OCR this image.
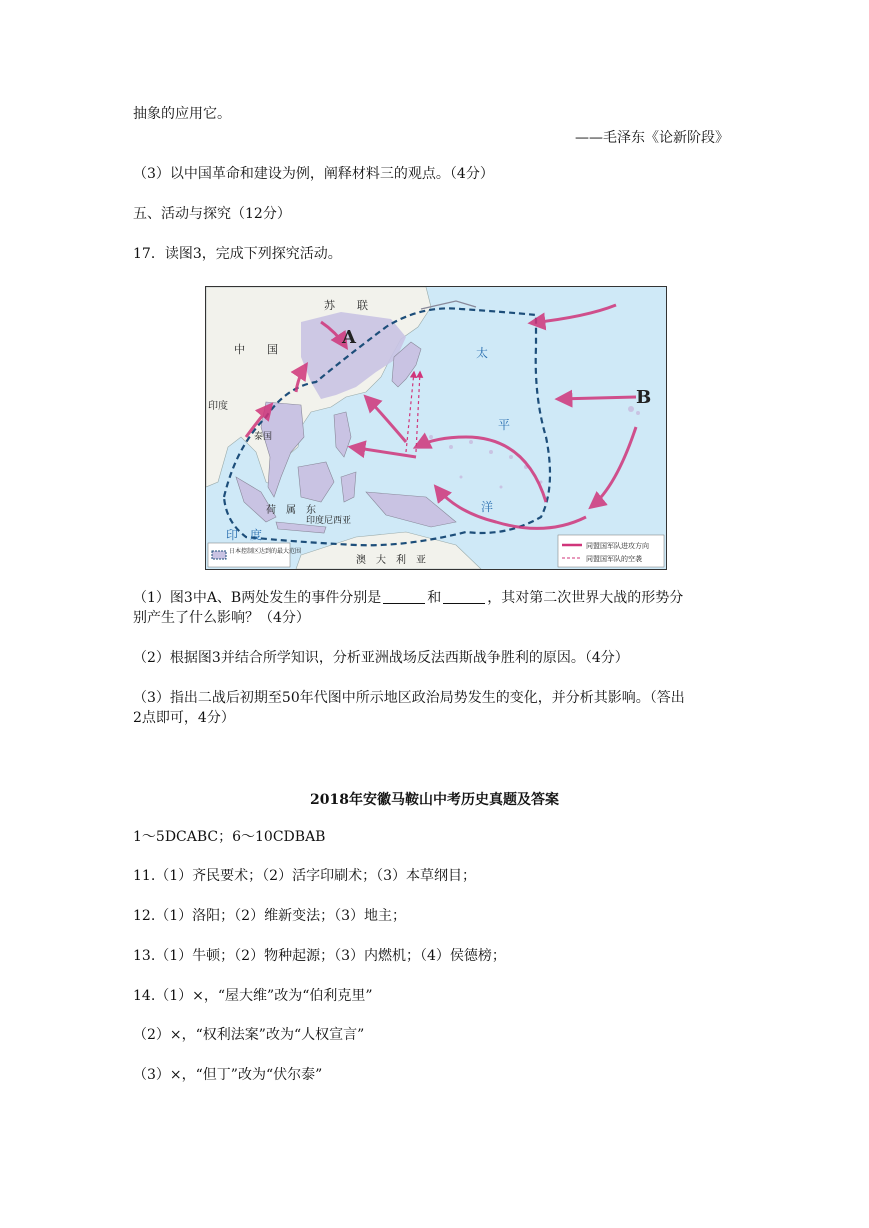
抽象的应用它。
——毛泽东《论新阶段》
（3）以中国革命和建设为例，阐释材料三的观点。（4分）
五、活动与探究（12分）
17．读图3，完成下列探究活动。
A
B
苏　　联
中　　国
印度
泰国
荷　属　东
印度尼西亚
印　度
澳　大　利　亚
太
平
洋
日本控制区达到的最大范围
同盟国军队进攻方向
同盟国军队的空袭
（1）图3中A、B两处发生的事件分别是	和	，其对第二次世界大战的形势分
别产生了什么影响？（4分）
（2）根据图3并结合所学知识，分析亚洲战场反法西斯战争胜利的原因。（4分）
（3）指出二战后初期至50年代图中所示地区政治局势发生的变化，并分析其影响。（答出
2点即可，4分）
2018年安徽马鞍山中考历史真题及答案
1～5DCABC；6～10CDBAB
11.（1）齐民要术；（2）活字印刷术；（3）本草纲目；
12.（1）洛阳；（2）维新变法；（3）地主；
13.（1）牛顿；（2）物种起源；（3）内燃机；（4）侯德榜；
14.（1）×，“屋大维”改为“伯利克里”
（2）×，“权利法案”改为“人权宣言”
（3）×，“但丁”改为“伏尔泰”
